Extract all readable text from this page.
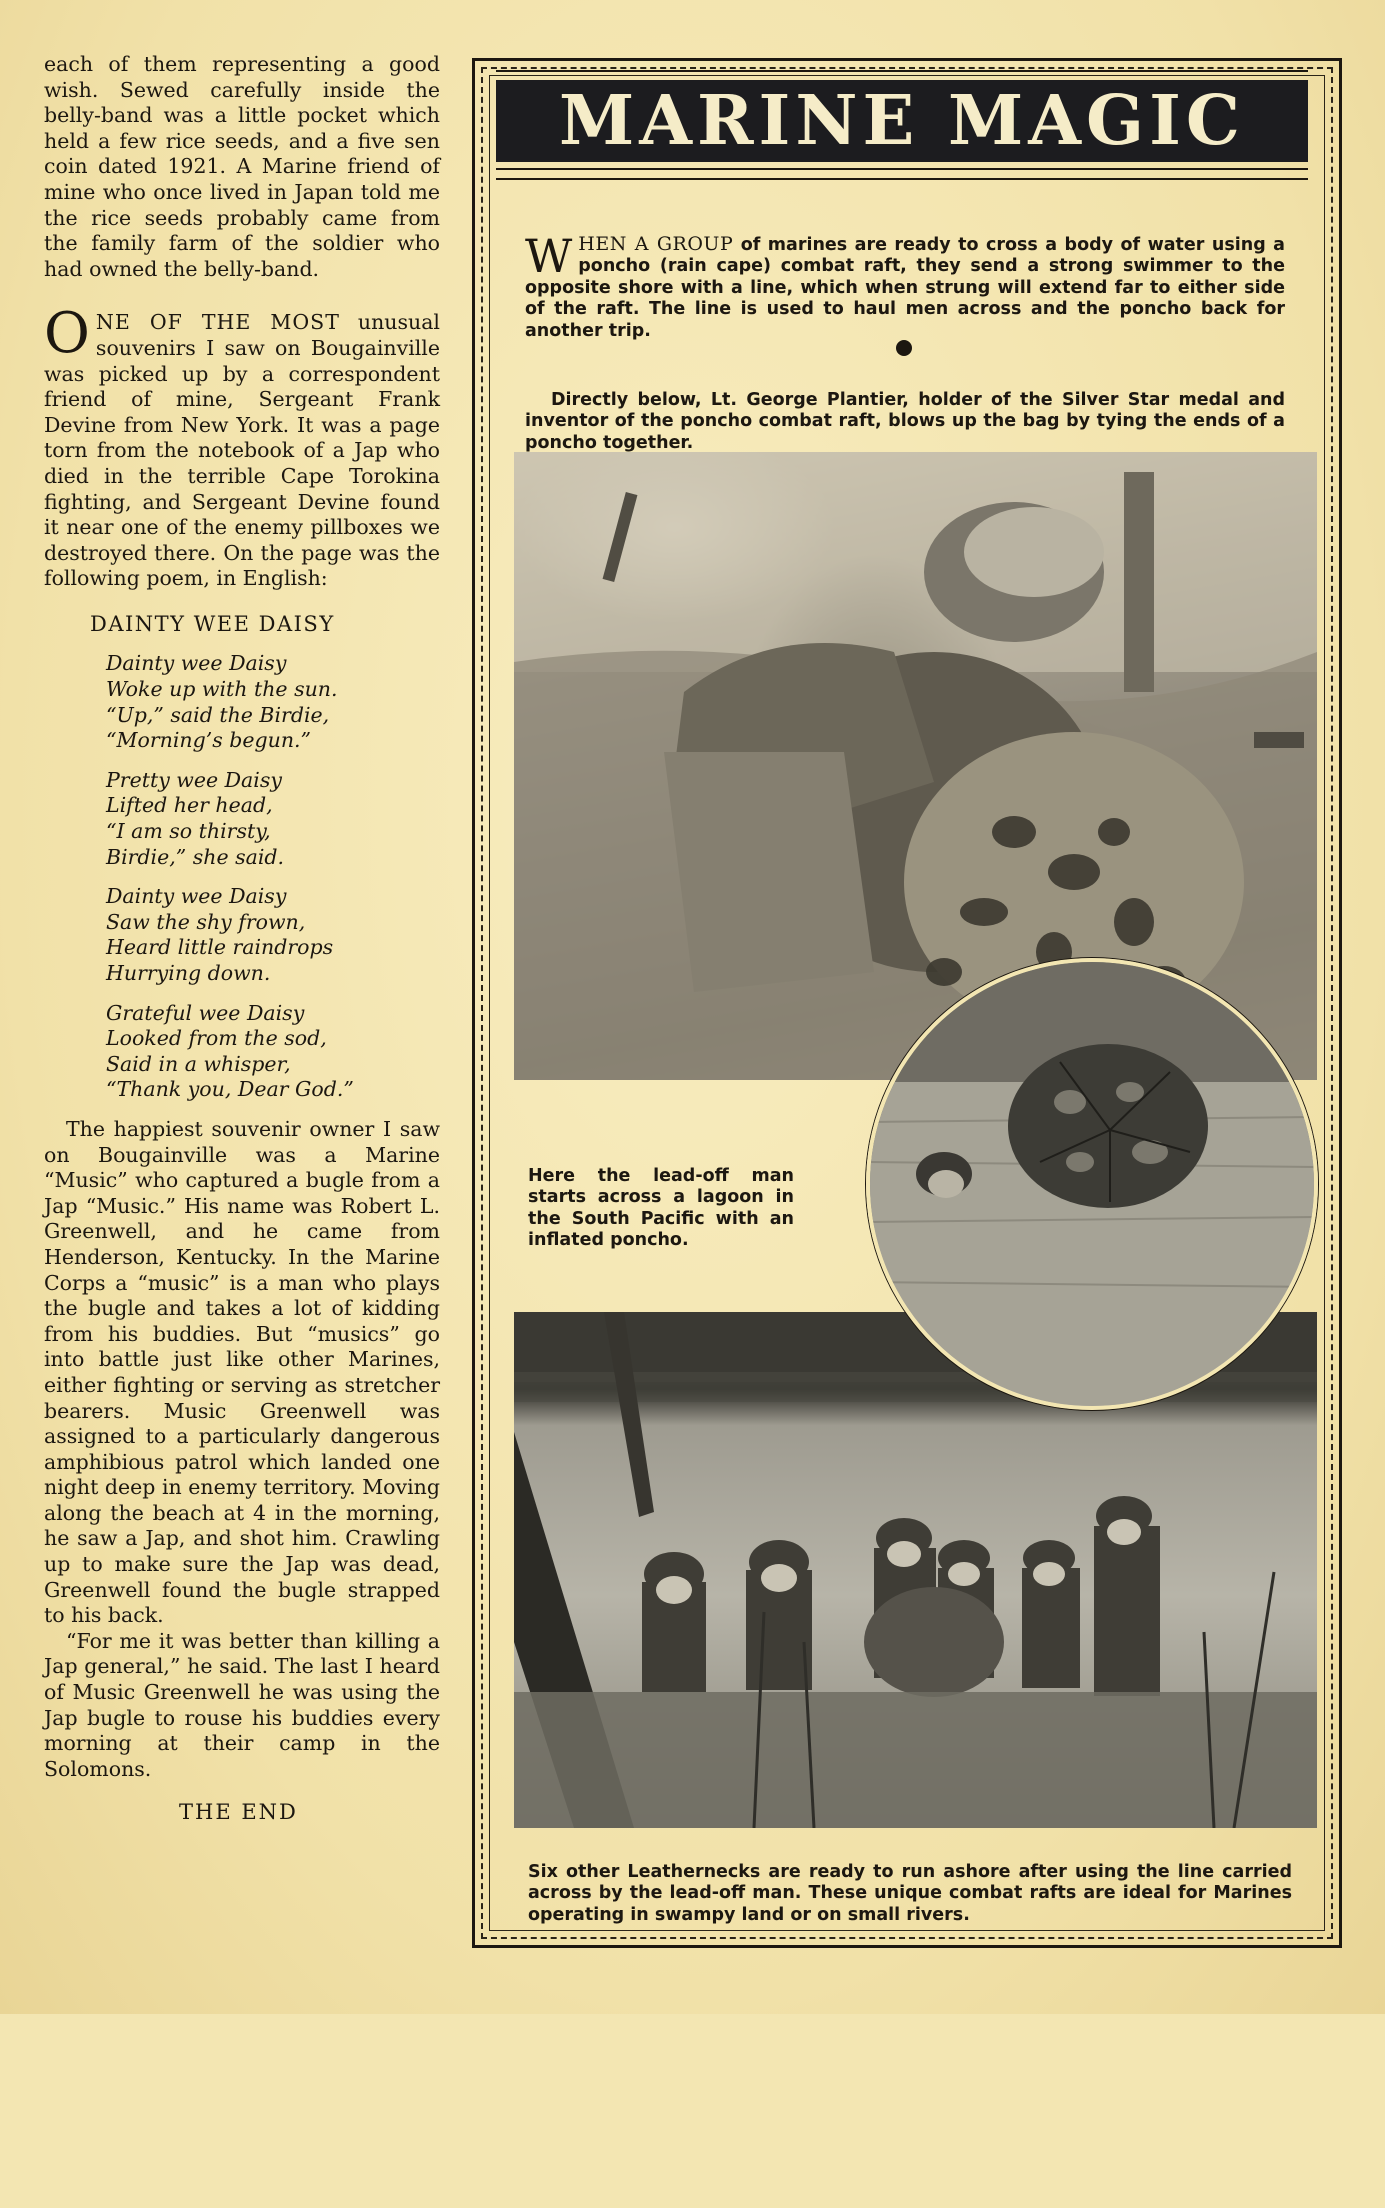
each of them representing a good wish. Sewed carefully inside the belly-band was a little pocket which held a few rice seeds, and a five sen coin dated 1921. A Marine friend of mine who once lived in Japan told me the rice seeds probably came from the family farm of the soldier who had owned the belly-band.

ONE OF THE MOST unusual souvenirs I saw on Bougainville was picked up by a correspondent friend of mine, Sergeant Frank Devine from New York. It was a page torn from the notebook of a Jap who died in the terrible Cape Torokina fighting, and Sergeant Devine found it near one of the enemy pillboxes we destroyed there. On the page was the following poem, in English:

DAINTY WEE DAISY
Dainty wee Daisy
Woke up with the sun.
“Up,” said the Birdie,
“Morning’s begun.”
Pretty wee Daisy
Lifted her head,
“I am so thirsty,
Birdie,” she said.
Dainty wee Daisy
Saw the shy frown,
Heard little raindrops
Hurrying down.
Grateful wee Daisy
Looked from the sod,
Said in a whisper,
“Thank you, Dear God.”

The happiest souvenir owner I saw on Bougainville was a Marine “Music” who captured a bugle from a Jap “Music.” His name was Robert L. Greenwell, and he came from Henderson, Kentucky. In the Marine Corps a “music” is a man who plays the bugle and takes a lot of kidding from his buddies. But “musics” go into battle just like other Marines, either fighting or serving as stretcher bearers. Music Greenwell was assigned to a particularly dangerous amphibious patrol which landed one night deep in enemy territory. Moving along the beach at 4 in the morning, he saw a Jap, and shot him. Crawling up to make sure the Jap was dead, Greenwell found the bugle strapped to his back.

“For me it was better than killing a Jap general,” he said. The last I heard of Music Greenwell he was using the Jap bugle to rouse his buddies every morning at their camp in the Solomons.

THE END
MARINE MAGIC

WHEN A GROUP of marines are ready to cross a body of water using a poncho (rain cape) combat raft, they send a strong swimmer to the opposite shore with a line, which when strung will extend far to either side of the raft. The line is used to haul men across and the poncho back for another trip.

Directly below, Lt. George Plantier, holder of the Silver Star medal and inventor of the poncho combat raft, blows up the bag by tying the ends of a poncho together.

Here the lead-off man starts across a lagoon in the South Pacific with an inflated poncho.

Six other Leathernecks are ready to run ashore after using the line carried across by the lead-off man. These unique combat rafts are ideal for Marines operating in swampy land or on small rivers.
